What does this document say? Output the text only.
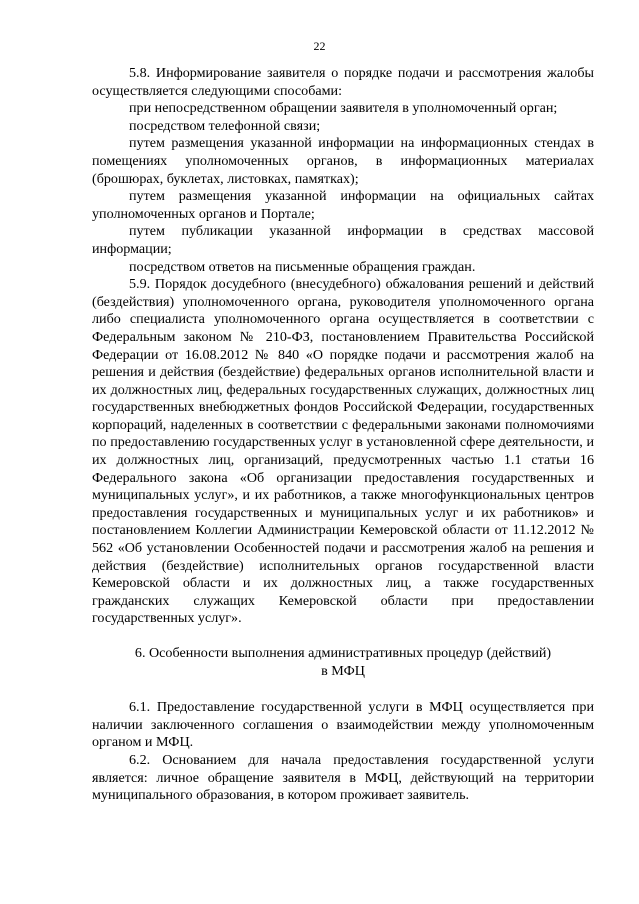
22

5.8. Информирование заявителя о порядке подачи и рассмотрения жалобы осуществляется следующими способами:

при непосредственном обращении заявителя в уполномоченный орган;

посредством телефонной связи;

путем размещения указанной информации на информационных стендах в помещениях уполномоченных органов, в информационных материалах (брошюрах, буклетах, листовках, памятках);

путем размещения указанной информации на официальных сайтах уполномоченных органов и Портале;

путем публикации указанной информации в средствах массовой информации;

посредством ответов на письменные обращения граждан.

5.9. Порядок досудебного (внесудебного) обжалования решений и действий (бездействия) уполномоченного органа, руководителя уполномоченного органа либо специалиста уполномоченного органа осуществляется в соответствии с Федеральным законом № 210-ФЗ, постановлением Правительства Российской Федерации от 16.08.2012 № 840 «О порядке подачи и рассмотрения жалоб на решения и действия (бездействие) федеральных органов исполнительной власти и их должностных лиц, федеральных государственных служащих, должностных лиц государственных внебюджетных фондов Российской Федерации, государственных корпораций, наделенных в соответствии с федеральными законами полномочиями по предоставлению государственных услуг в установленной сфере деятельности, и их должностных лиц, организаций, предусмотренных частью 1.1 статьи 16 Федерального закона «Об организации предоставления государственных и муниципальных услуг», и их работников, а также многофункциональных центров предоставления государственных и муниципальных услуг и их работников» и постановлением Коллегии Администрации Кемеровской области от 11.12.2012 № 562 «Об установлении Особенностей подачи и рассмотрения жалоб на решения и действия (бездействие) исполнительных органов государственной власти Кемеровской области и их должностных лиц, а также государственных гражданских служащих Кемеровской области при предоставлении государственных услуг».

6. Особенности выполнения административных процедур (действий)

в МФЦ

6.1. Предоставление государственной услуги в МФЦ осуществляется при наличии заключенного соглашения о взаимодействии между уполномоченным органом и МФЦ.

6.2. Основанием для начала предоставления государственной услуги является: личное обращение заявителя в МФЦ, действующий на территории муниципального образования, в котором проживает заявитель.
